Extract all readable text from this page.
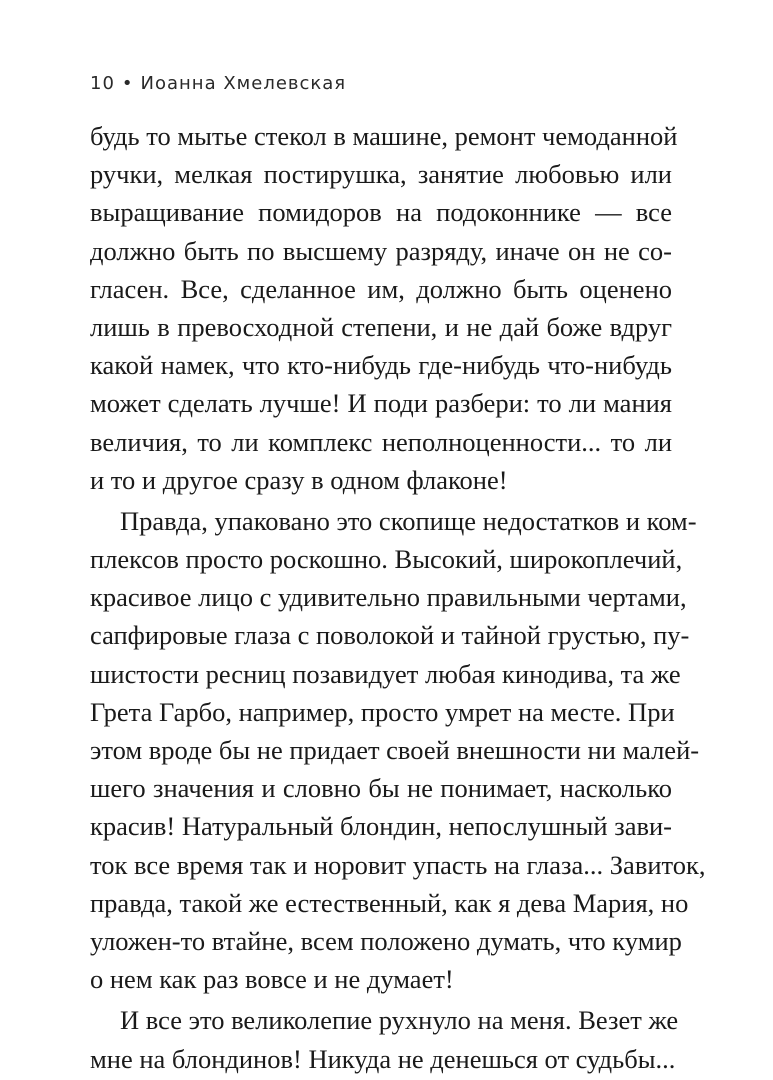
10 • Иоанна Хмелевская
будь то мытье стекол в машине, ремонт чемоданной
ручки, мелкая постирушка, занятие любовью или
выращивание помидоров на подоконнике — все
должно быть по высшему разряду, иначе он не со-
гласен. Все, сделанное им, должно быть оценено
лишь в превосходной степени, и не дай боже вдруг
какой намек, что кто-нибудь где-нибудь что-нибудь
может сделать лучше! И поди разбери: то ли мания
величия, то ли комплекс неполноценности... то ли
и то и другое сразу в одном флаконе!
Правда, упаковано это скопище недостатков и ком-
плексов просто роскошно. Высокий, широкоплечий,
красивое лицо с удивительно правильными чертами,
сапфировые глаза с поволокой и тайной грустью, пу-
шистости ресниц позавидует любая кинодива, та же
Грета Гарбо, например, просто умрет на месте. При
этом вроде бы не придает своей внешности ни малей-
шего значения и словно бы не понимает, насколько
красив! Натуральный блондин, непослушный зави-
ток все время так и норовит упасть на глаза... Завиток,
правда, такой же естественный, как я дева Мария, но
уложен-то втайне, всем положено думать, что кумир
о нем как раз вовсе и не думает!
И все это великолепие рухнуло на меня. Везет же
мне на блондинов! Никуда не денешься от судьбы...
